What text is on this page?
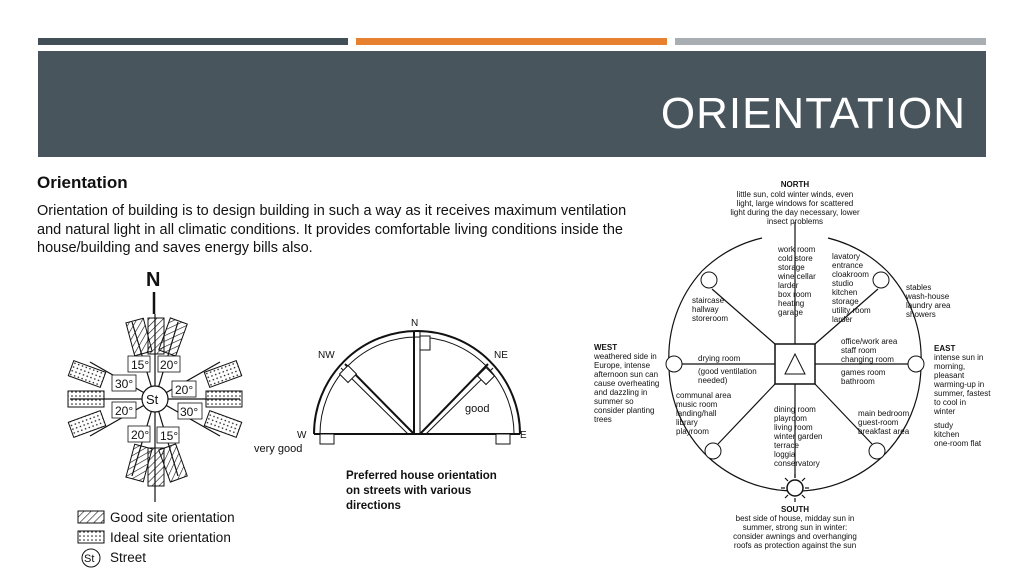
ORIENTATION
Orientation
Orientation of building is to design building in such a way as it receives maximum ventilation and natural light in all climatic conditions. It provides comfortable living conditions inside the house/building and saves energy bills also.
N
15° 20°
30°	20°
20°	30°
20° 15°
St
Good site orientation
Ideal site orientation
St Street
N
NW	NE
W	E
good
very good
Preferred house orientation
on streets with various
directions
NORTH
little sun, cold winter winds, even
light, large windows for scattered
light during the day necessary, lower
insect problems
SOUTH
best side of house, midday sun in
summer, strong sun in winter:
consider awnings and overhanging
roofs as protection against the sun
WEST
weathered side in
Europe, intense
afternoon sun can
cause overheating
and dazzling in
summer so
consider planting
trees
EAST
intense sun in
morning,
pleasant
warming-up in
summer, fastest
to cool in
winter
work room
cold store
storage
wine cellar
larder
box room
heating
garage
lavatory
entrance
cloakroom
studio
kitchen
storage
utility room
larder
staircase
hallway
storeroom
stables
wash-house
laundry area
showers
office/work area
staff room
changing room
games room
bathroom
drying room
(good ventilation
needed)
communal area
music room
landing/hall
library
playroom
dining room
playroom
living room
winter garden
terrace
loggia
conservatory
main bedroom
guest-room
breakfast area
study
kitchen
one-room flat
